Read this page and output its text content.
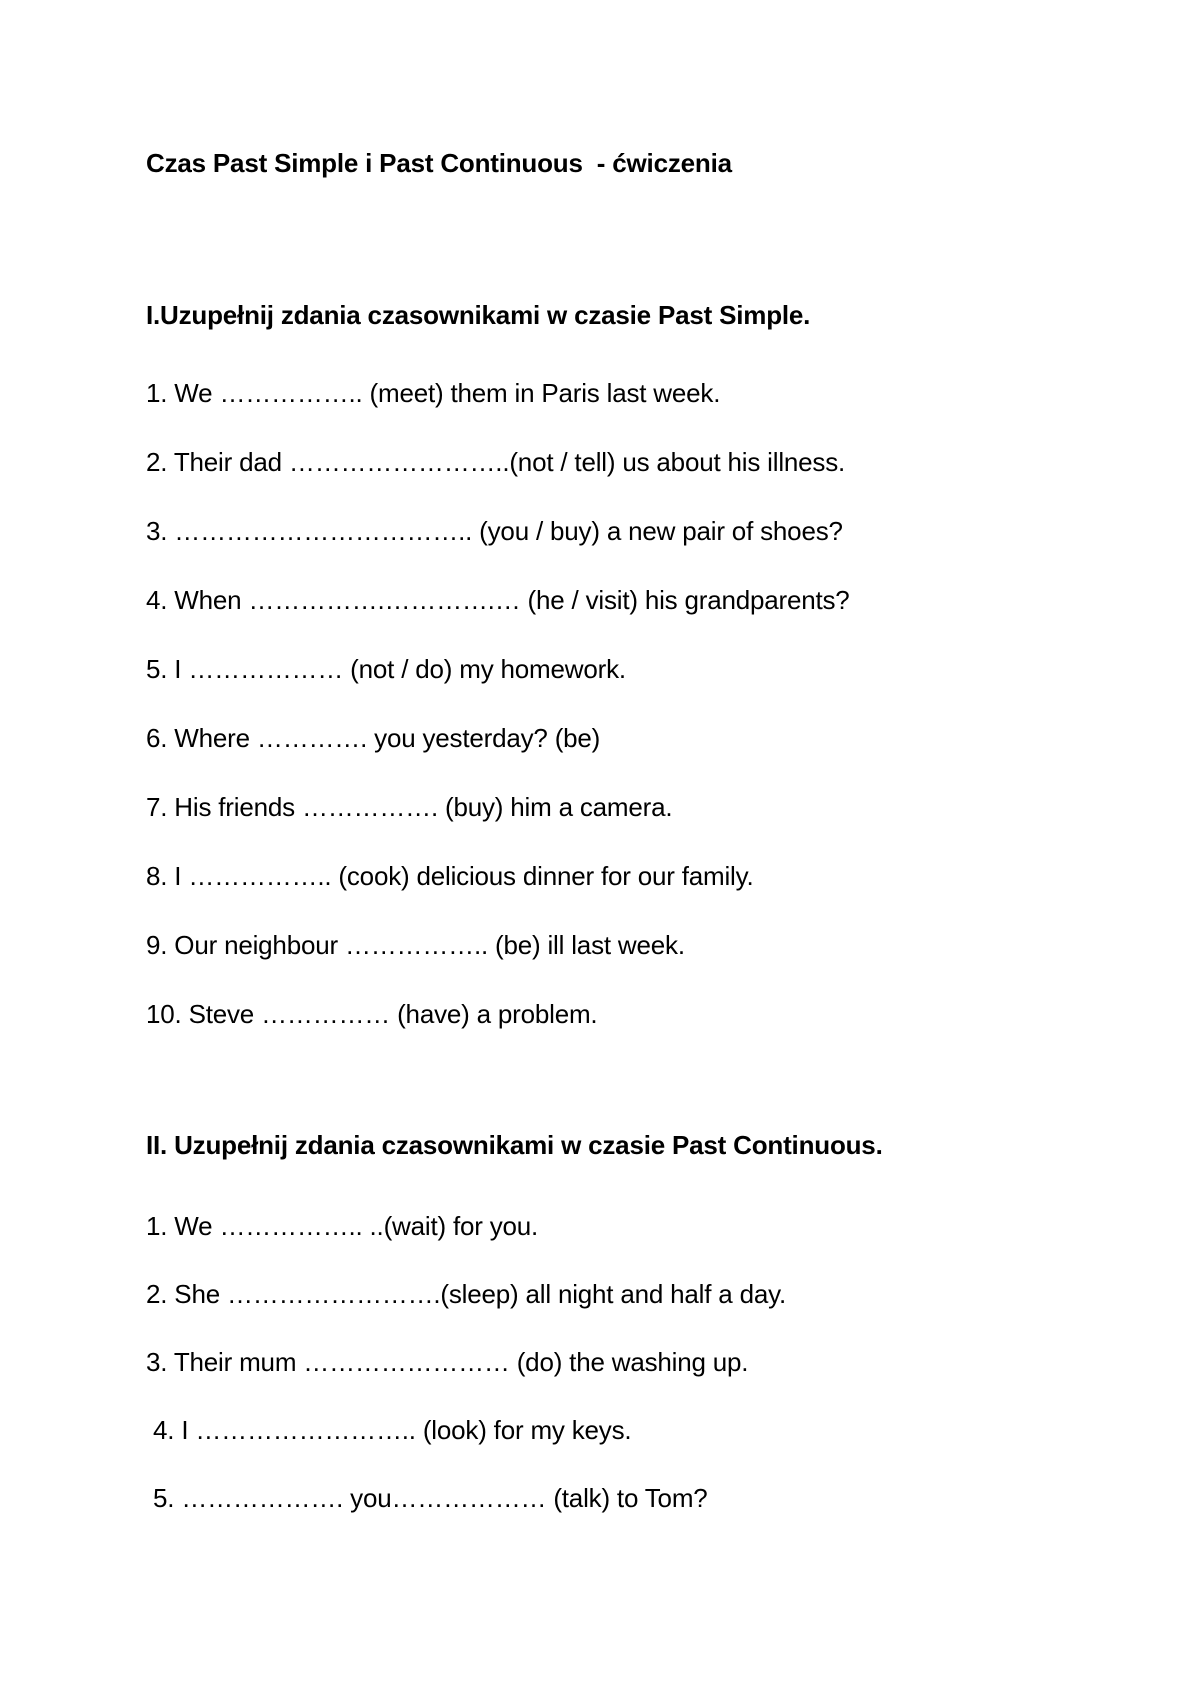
Czas Past Simple i Past Continuous  - ćwiczenia
I.Uzupełnij zdania czasownikami w czasie Past Simple.
1. We …………….. (meet) them in Paris last week.
2. Their dad ……………………..(not / tell) us about his illness.
3. …………………………….. (you / buy) a new pair of shoes?
4. When …………….………….… (he / visit) his grandparents?
5. I ……………… (not / do) my homework.
6. Where …………. you yesterday? (be)
7. His friends ……………. (buy) him a camera.
8. I …………….. (cook) delicious dinner for our family.
9. Our neighbour …………….. (be) ill last week.
10. Steve …………… (have) a problem.
II. Uzupełnij zdania czasownikami w czasie Past Continuous.
1. We …………….. ..(wait) for you.
2. She …………………….(sleep) all night and half a day.
3. Their mum …………………… (do) the washing up.
4. I …………………….. (look) for my keys.
5. ………………. you……………… (talk) to Tom?
